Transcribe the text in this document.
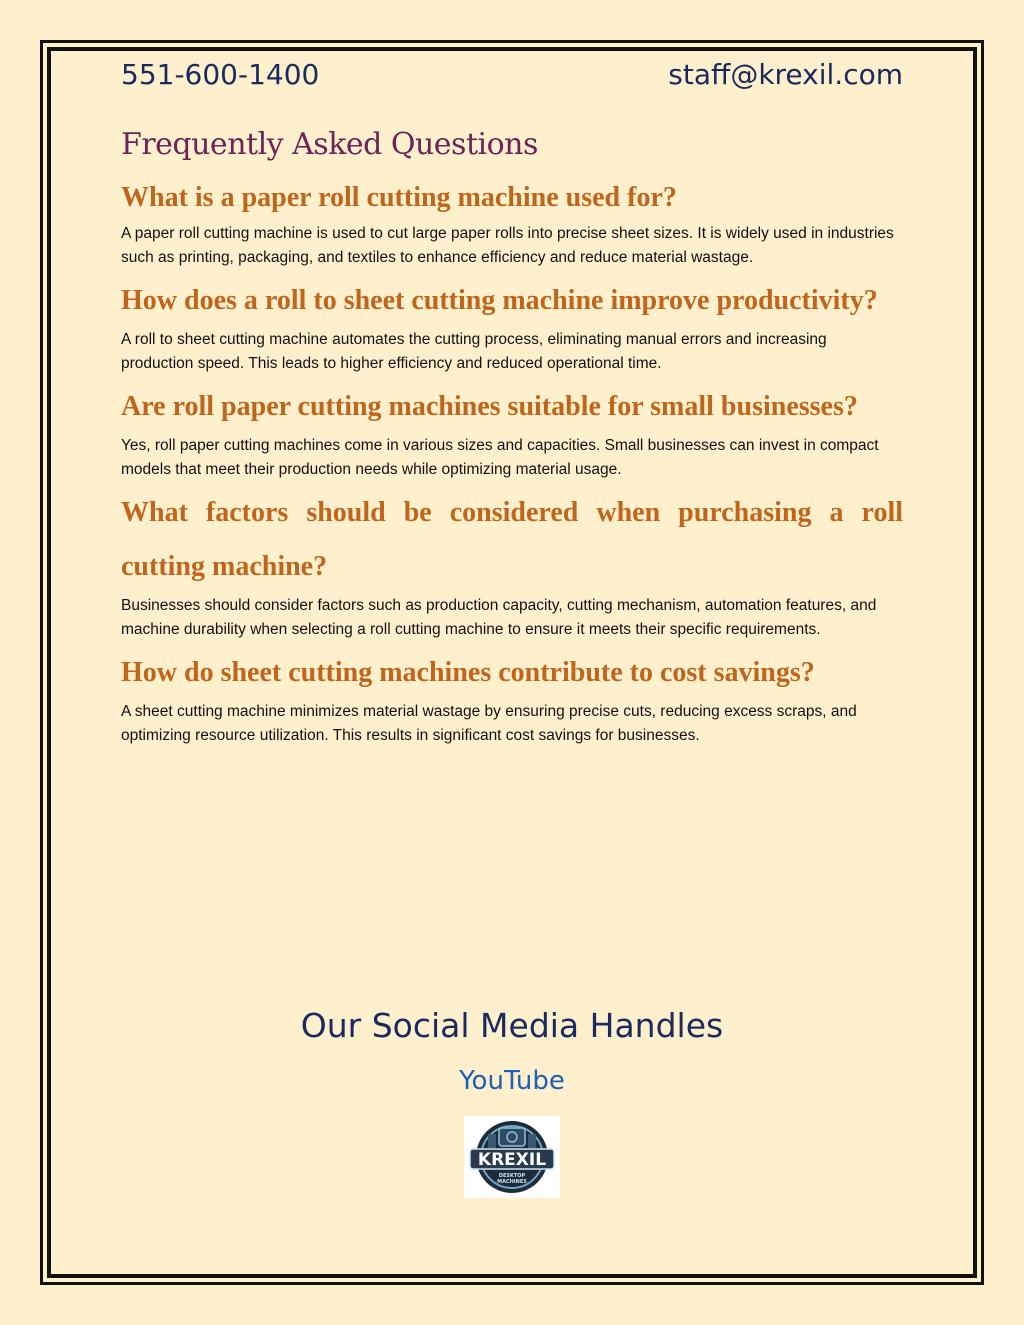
551-600-1400	staff@krexil.com
Frequently Asked Questions
What is a paper roll cutting machine used for?

A paper roll cutting machine is used to cut large paper rolls into precise sheet sizes. It is widely used in industries such as printing, packaging, and textiles to enhance efficiency and reduce material wastage.

How does a roll to sheet cutting machine improve productivity?

A roll to sheet cutting machine automates the cutting process, eliminating manual errors and increasing production speed. This leads to higher efficiency and reduced operational time.

Are roll paper cutting machines suitable for small businesses?

Yes, roll paper cutting machines come in various sizes and capacities. Small businesses can invest in compact models that meet their production needs while optimizing material usage.

What factors should be considered when purchasing a roll cutting machine?

Businesses should consider factors such as production capacity, cutting mechanism, automation features, and machine durability when selecting a roll cutting machine to ensure it meets their specific requirements.

How do sheet cutting machines contribute to cost savings?

A sheet cutting machine minimizes material wastage by ensuring precise cuts, reducing excess scraps, and optimizing resource utilization. This results in significant cost savings for businesses.

Our Social Media Handles
YouTube
KREXIL
DESKTOP
MACHINES
